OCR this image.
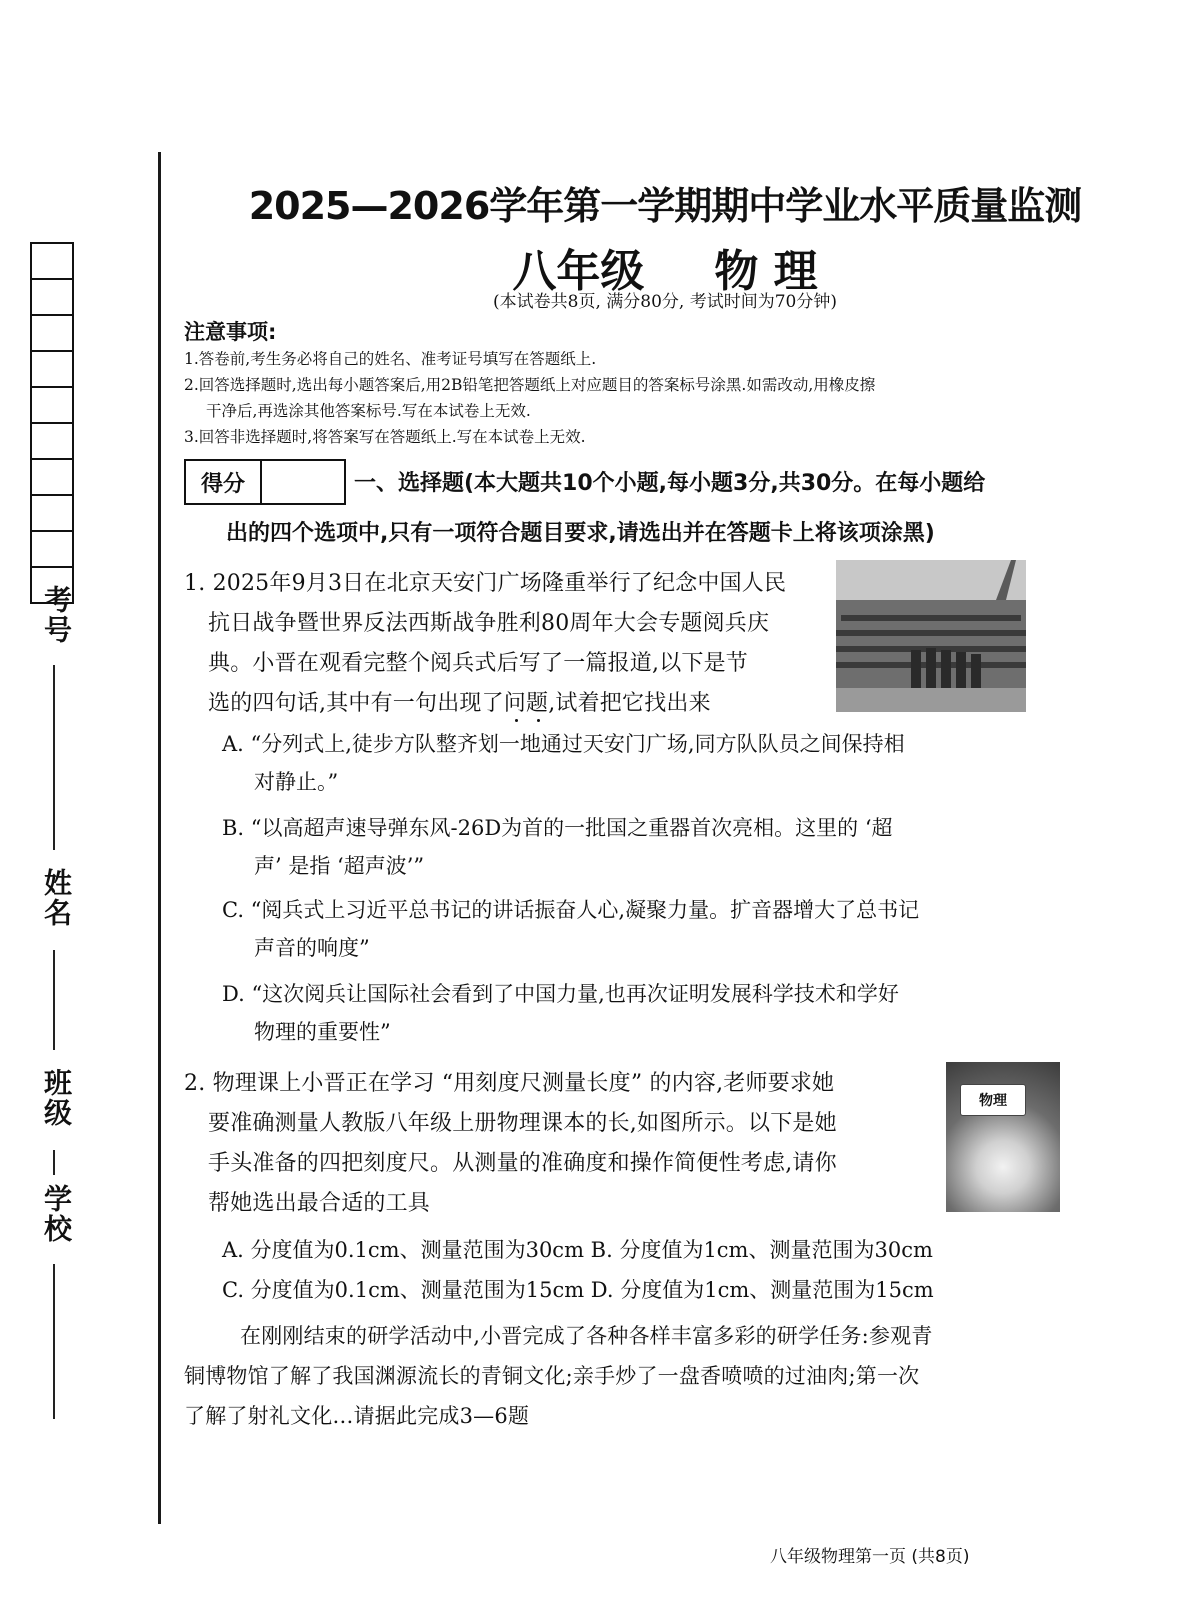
考号
姓名
班级
学校
2025—2026学年第一学期期中学业水平质量监测
八年级 物 理
(本试卷共8页, 满分80分, 考试时间为70分钟)
注意事项:
1.答卷前,考生务必将自己的姓名、准考证号填写在答题纸上.
2.回答选择题时,选出每小题答案后,用2B铅笔把答题纸上对应题目的答案标号涂黑.如需改动,用橡皮擦
干净后,再选涂其他答案标号.写在本试卷上无效.
3.回答非选择题时,将答案写在答题纸上.写在本试卷上无效.
得分	一、选择题(本大题共10个小题,每小题3分,共30分。在每小题给
出的四个选项中,只有一项符合题目要求,请选出并在答题卡上将该项涂黑)
1. 2025年9月3日在北京天安门广场隆重举行了纪念中国人民
抗日战争暨世界反法西斯战争胜利80周年大会专题阅兵庆
典。小晋在观看完整个阅兵式后写了一篇报道,以下是节
选的四句话,其中有一句出现了问题,试着把它找出来
A. “分列式上,徒步方队整齐划一地通过天安门广场,同方队队员之间保持相
对静止。”
B. “以高超声速导弹东风-26D为首的一批国之重器首次亮相。这里的 ‘超
声’ 是指 ‘超声波’”
C. “阅兵式上习近平总书记的讲话振奋人心,凝聚力量。扩音器增大了总书记
声音的响度”
D. “这次阅兵让国际社会看到了中国力量,也再次证明发展科学技术和学好
物理的重要性”
2. 物理课上小晋正在学习 “用刻度尺测量长度” 的内容,老师要求她
要准确测量人教版八年级上册物理课本的长,如图所示。以下是她
手头准备的四把刻度尺。从测量的准确度和操作简便性考虑,请你
帮她选出最合适的工具
物理
A. 分度值为0.1cm、测量范围为30cm B. 分度值为1cm、测量范围为30cm
C. 分度值为0.1cm、测量范围为15cm D. 分度值为1cm、测量范围为15cm
在刚刚结束的研学活动中,小晋完成了各种各样丰富多彩的研学任务:参观青
铜博物馆了解了我国渊源流长的青铜文化;亲手炒了一盘香喷喷的过油肉;第一次
了解了射礼文化…请据此完成3—6题
八年级物理第一页 (共8页)
